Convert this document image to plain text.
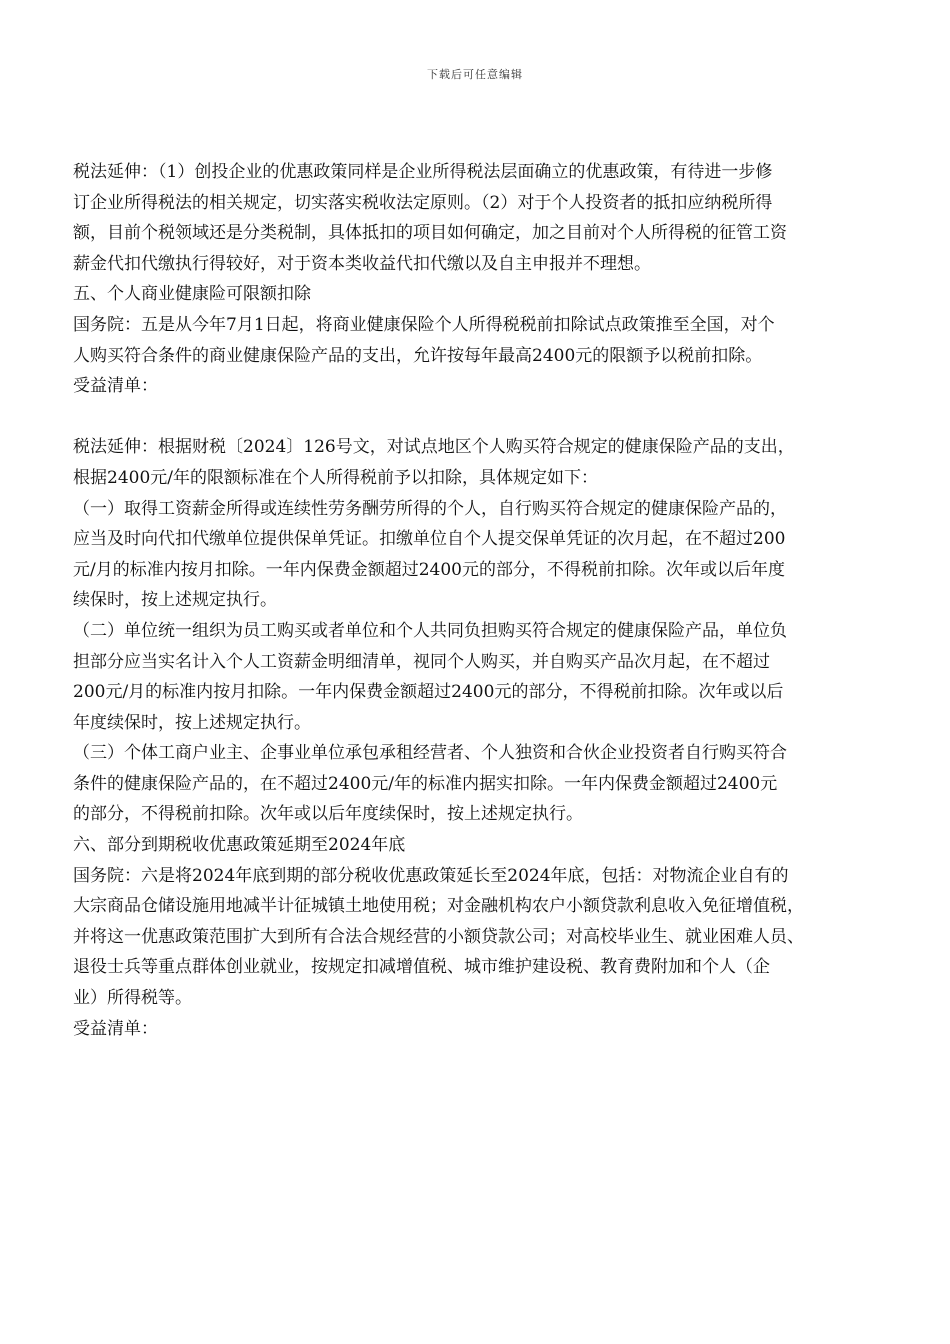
下载后可任意编辑

税法延伸：（1）创投企业的优惠政策同样是企业所得税法层面确立的优惠政策，有待进一步修
订企业所得税法的相关规定，切实落实税收法定原则。（2）对于个人投资者的抵扣应纳税所得
额，目前个税领域还是分类税制，具体抵扣的项目如何确定，加之目前对个人所得税的征管工资
薪金代扣代缴执行得较好，对于资本类收益代扣代缴以及自主申报并不理想。

五、个人商业健康险可限额扣除

国务院：五是从今年7月1日起，将商业健康保险个人所得税税前扣除试点政策推至全国，对个
人购买符合条件的商业健康保险产品的支出，允许按每年最高2400元的限额予以税前扣除。

受益清单：

税法延伸：根据财税〔2024〕126号文，对试点地区个人购买符合规定的健康保险产品的支出，
根据2400元/年的限额标准在个人所得税前予以扣除，具体规定如下：

（一）取得工资薪金所得或连续性劳务酬劳所得的个人，自行购买符合规定的健康保险产品的，
应当及时向代扣代缴单位提供保单凭证。扣缴单位自个人提交保单凭证的次月起，在不超过200
元/月的标准内按月扣除。一年内保费金额超过2400元的部分，不得税前扣除。次年或以后年度
续保时，按上述规定执行。

（二）单位统一组织为员工购买或者单位和个人共同负担购买符合规定的健康保险产品，单位负
担部分应当实名计入个人工资薪金明细清单，视同个人购买，并自购买产品次月起，在不超过
200元/月的标准内按月扣除。一年内保费金额超过2400元的部分，不得税前扣除。次年或以后
年度续保时，按上述规定执行。

（三）个体工商户业主、企事业单位承包承租经营者、个人独资和合伙企业投资者自行购买符合
条件的健康保险产品的，在不超过2400元/年的标准内据实扣除。一年内保费金额超过2400元
的部分，不得税前扣除。次年或以后年度续保时，按上述规定执行。

六、部分到期税收优惠政策延期至2024年底

国务院：六是将2024年底到期的部分税收优惠政策延长至2024年底，包括：对物流企业自有的
大宗商品仓储设施用地减半计征城镇土地使用税；对金融机构农户小额贷款利息收入免征增值税，
并将这一优惠政策范围扩大到所有合法合规经营的小额贷款公司；对高校毕业生、就业困难人员、
退役士兵等重点群体创业就业，按规定扣减增值税、城市维护建设税、教育费附加和个人（企
业）所得税等。

受益清单：
